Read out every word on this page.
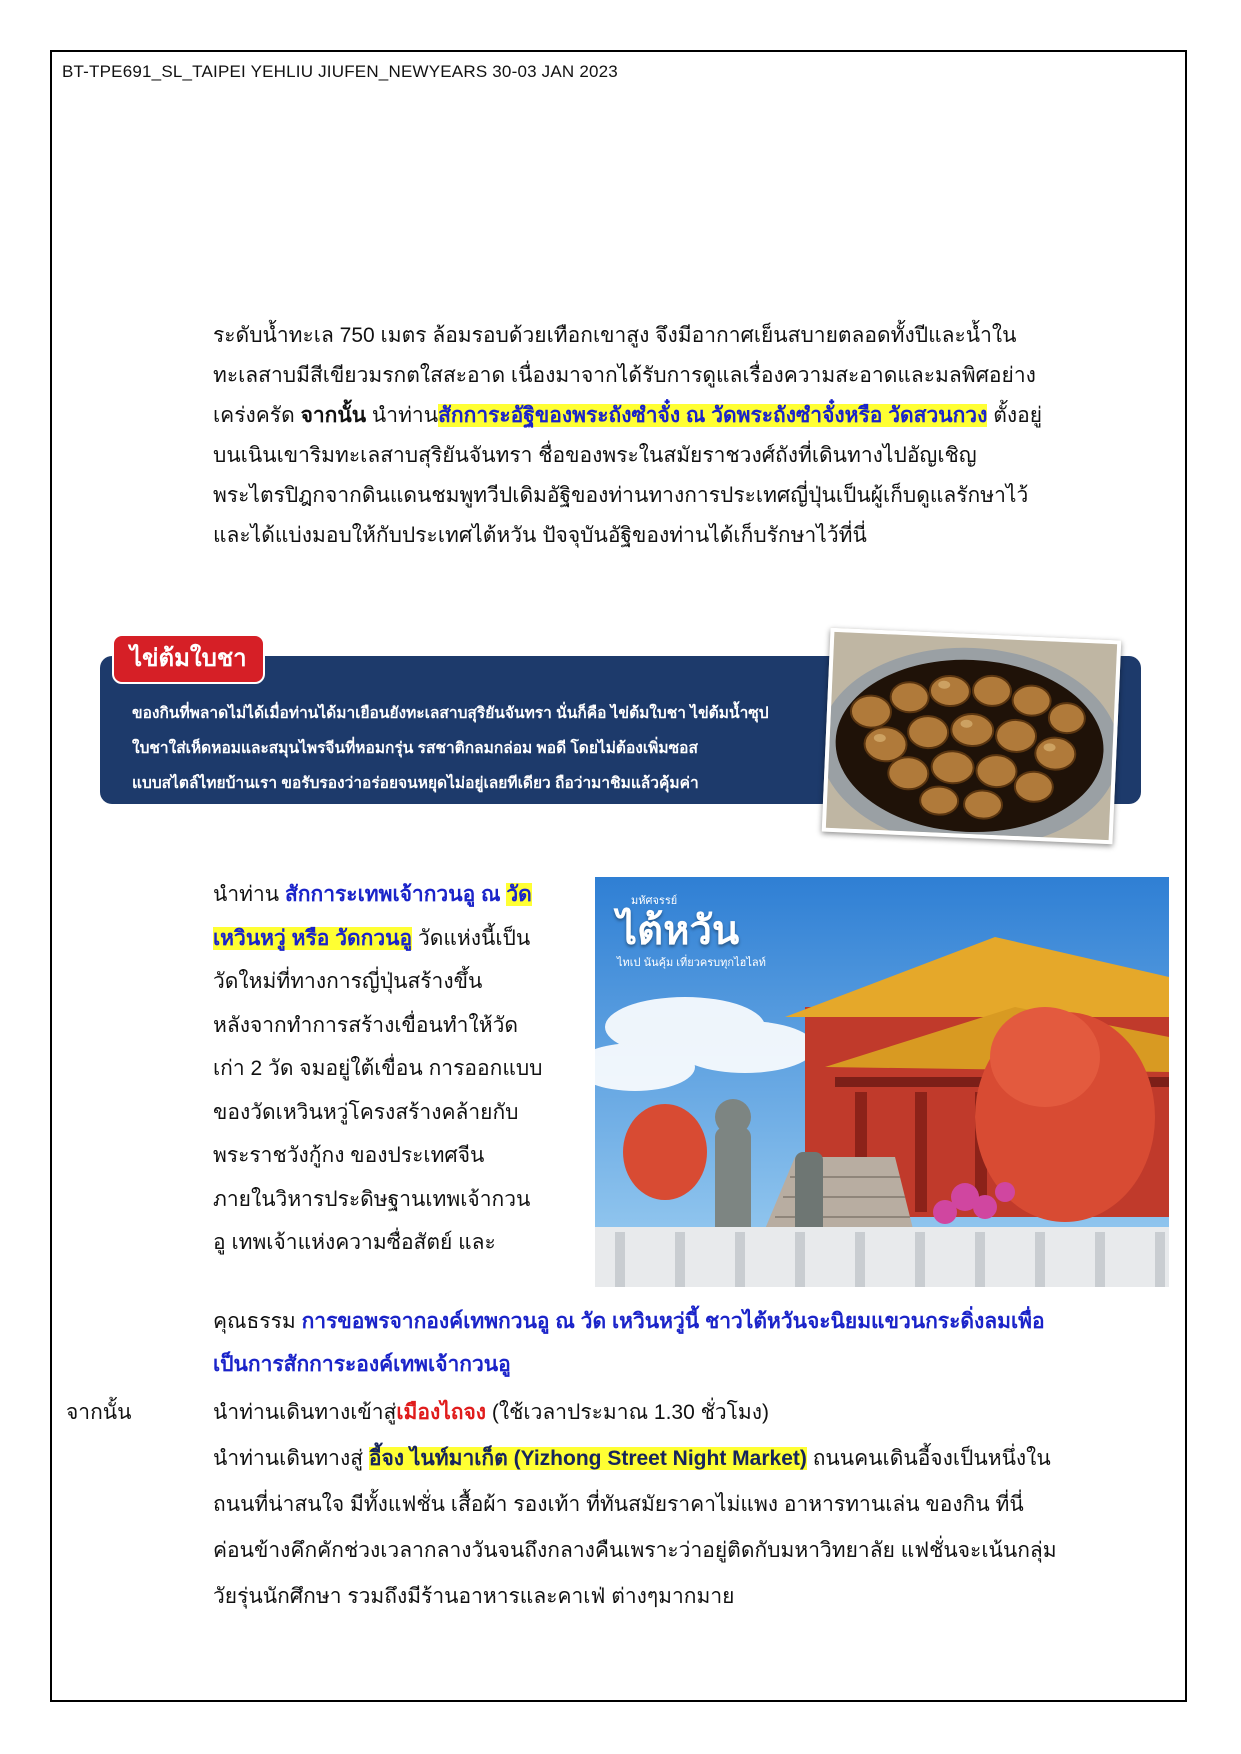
BT-TPE691_SL_TAIPEI YEHLIU JIUFEN_NEWYEARS 30-03 JAN 2023
ระดับน้ำทะเล 750 เมตร ล้อมรอบด้วยเทือกเขาสูง จึงมีอากาศเย็นสบายตลอดทั้งปีและน้ำใน
ทะเลสาบมีสีเขียวมรกตใสสะอาด เนื่องมาจากได้รับการดูแลเรื่องความสะอาดและมลพิศอย่าง
เคร่งครัด จากนั้น นำท่านสักการะอัฐิของพระถังซำจั๋ง ณ วัดพระถังซำจั๋งหรือ วัดสวนกวง ตั้งอยู่
บนเนินเขาริมทะเลสาบสุริยันจันทรา ชื่อของพระในสมัยราชวงศ์ถังที่เดินทางไปอัญเชิญ
พระไตรปิฎกจากดินแดนชมพูทวีปเดิมอัฐิของท่านทางการประเทศญี่ปุ่นเป็นผู้เก็บดูแลรักษาไว้
และได้แบ่งมอบให้กับประเทศไต้หวัน ปัจจุบันอัฐิของท่านได้เก็บรักษาไว้ที่นี่
ไข่ต้มใบชา
ของกินที่พลาดไม่ได้เมื่อท่านได้มาเยือนยังทะเลสาบสุริยันจันทรา นั่นก็คือ ไข่ต้มใบชา ไข่ต้มน้ำซุป
ใบชาใส่เห็ดหอมและสมุนไพรจีนที่หอมกรุ่น รสชาติกลมกล่อม พอดี โดยไม่ต้องเพิ่มซอส
แบบสไตล์ไทยบ้านเรา ขอรับรองว่าอร่อยจนหยุดไม่อยู่เลยทีเดียว ถือว่ามาชิมแล้วคุ้มค่า
นำท่าน สักการะเทพเจ้ากวนอู ณ วัด
เหวินหวู่ หรือ วัดกวนอู วัดแห่งนี้เป็น
วัดใหม่ที่ทางการญี่ปุ่นสร้างขึ้น
หลังจากทำการสร้างเขื่อนทำให้วัด
เก่า 2 วัด จมอยู่ใต้เขื่อน การออกแบบ
ของวัดเหวินหวู่โครงสร้างคล้ายกับ
พระราชวังกู้กง ของประเทศจีน
ภายในวิหารประดิษฐานเทพเจ้ากวน
อู เทพเจ้าแห่งความซื่อสัตย์ และ
มหัศจรรย์
ไต้หวัน
ไทเป นันคุ้ม เที่ยวครบทุกไฮไลท์
คุณธรรม การขอพรจากองค์เทพกวนอู ณ วัด เหวินหวู่นี้ ชาวไต้หวันจะนิยมแขวนกระดิ่งลมเพื่อ
เป็นการสักการะองค์เทพเจ้ากวนอู
จากนั้น	นำท่านเดินทางเข้าสู่เมืองไถจง (ใช้เวลาประมาณ 1.30 ชั่วโมง)
นำท่านเดินทางสู่ อี้จง ไนท์มาเก็ต (Yizhong Street Night Market) ถนนคนเดินอี้จงเป็นหนึ่งใน
ถนนที่น่าสนใจ มีทั้งแฟชั่น เสื้อผ้า รองเท้า ที่ทันสมัยราคาไม่แพง อาหารทานเล่น ของกิน ที่นี่
ค่อนข้างคึกคักช่วงเวลากลางวันจนถึงกลางคืนเพราะว่าอยู่ติดกับมหาวิทยาลัย แฟชั่นจะเน้นกลุ่ม
วัยรุ่นนักศึกษา รวมถึงมีร้านอาหารและคาเฟ่ ต่างๆมากมาย
